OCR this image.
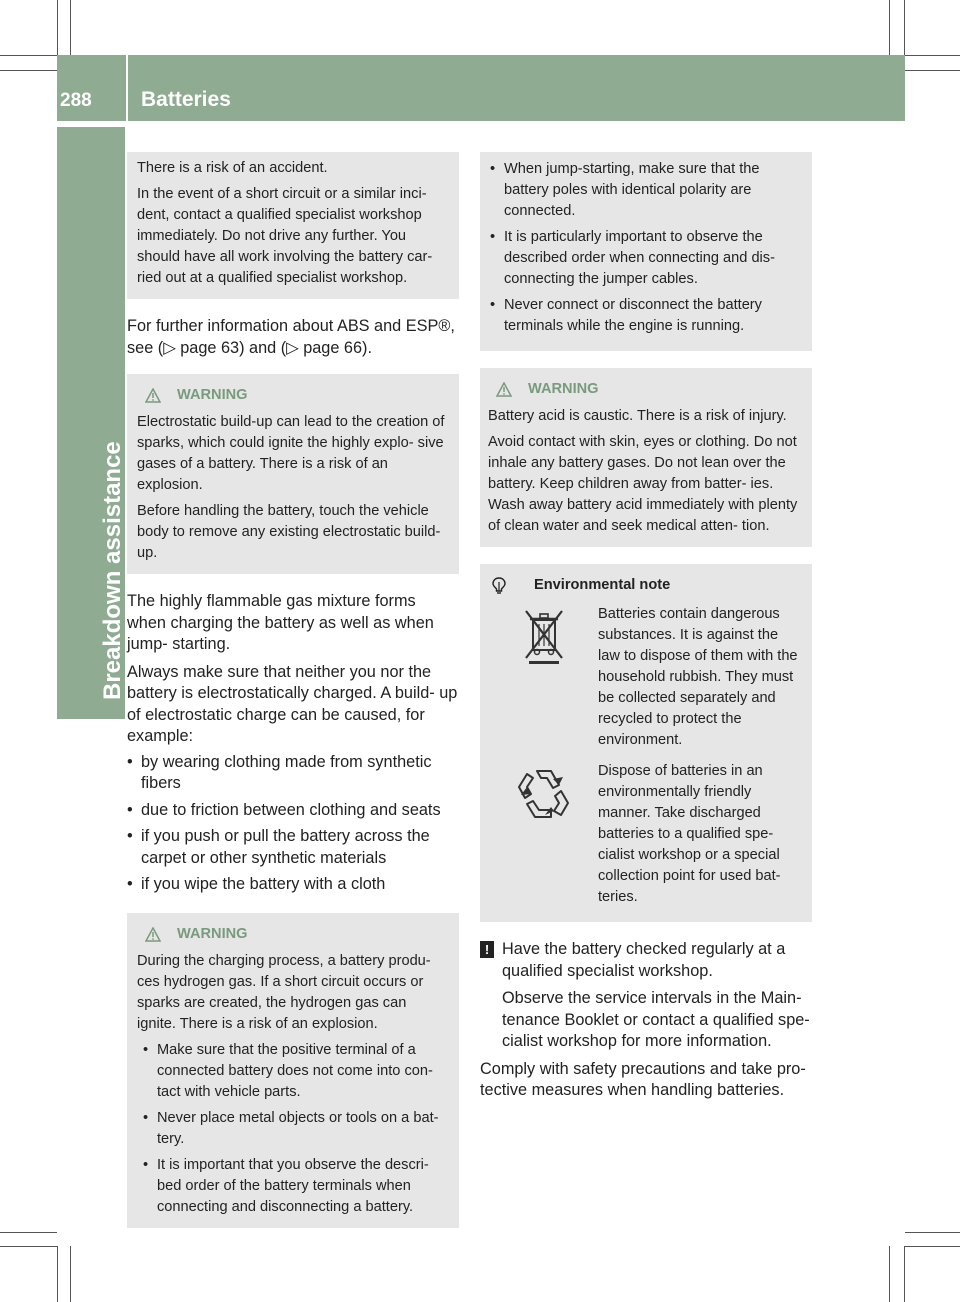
288	Batteries
Breakdown assistance

There is a risk of an accident.

In the event of a short circuit or a similar inci- dent, contact a qualified specialist workshop immediately. Do not drive any further. You should have all work involving the battery car- ried out at a qualified specialist workshop.

For further information about ABS and ESP®, see (▷ page 63) and (▷ page 66).

WARNING

Electrostatic build-up can lead to the creation of sparks, which could ignite the highly explo- sive gases of a battery. There is a risk of an explosion.

Before handling the battery, touch the vehicle body to remove any existing electrostatic build-up.

The highly flammable gas mixture forms when charging the battery as well as when jump- starting.

Always make sure that neither you nor the battery is electrostatically charged. A build- up of electrostatic charge can be caused, for example:

• by wearing clothing made from synthetic fibers
• due to friction between clothing and seats
• if you push or pull the battery across the carpet or other synthetic materials
• if you wipe the battery with a cloth
WARNING

During the charging process, a battery produ- ces hydrogen gas. If a short circuit occurs or sparks are created, the hydrogen gas can ignite. There is a risk of an explosion.

• Make sure that the positive terminal of a connected battery does not come into con- tact with vehicle parts.
• Never place metal objects or tools on a bat- tery.
• It is important that you observe the descri- bed order of the battery terminals when connecting and disconnecting a battery.
• When jump-starting, make sure that the battery poles with identical polarity are connected.
• It is particularly important to observe the described order when connecting and dis- connecting the jumper cables.
• Never connect or disconnect the battery terminals while the engine is running.
WARNING

Battery acid is caustic. There is a risk of injury.

Avoid contact with skin, eyes or clothing. Do not inhale any battery gases. Do not lean over the battery. Keep children away from batter- ies. Wash away battery acid immediately with plenty of clean water and seek medical atten- tion.

Environmental note
Batteries contain dangerous substances. It is against the law to dispose of them with the household rubbish. They must be collected separately and recycled to protect the environment.
Dispose of batteries in an environmentally friendly manner. Take discharged batteries to a qualified spe- cialist workshop or a special collection point for used bat- teries.
! Have the battery checked regularly at a qualified specialist workshop.

Observe the service intervals in the Main- tenance Booklet or contact a qualified spe- cialist workshop for more information.

Comply with safety precautions and take pro- tective measures when handling batteries.
